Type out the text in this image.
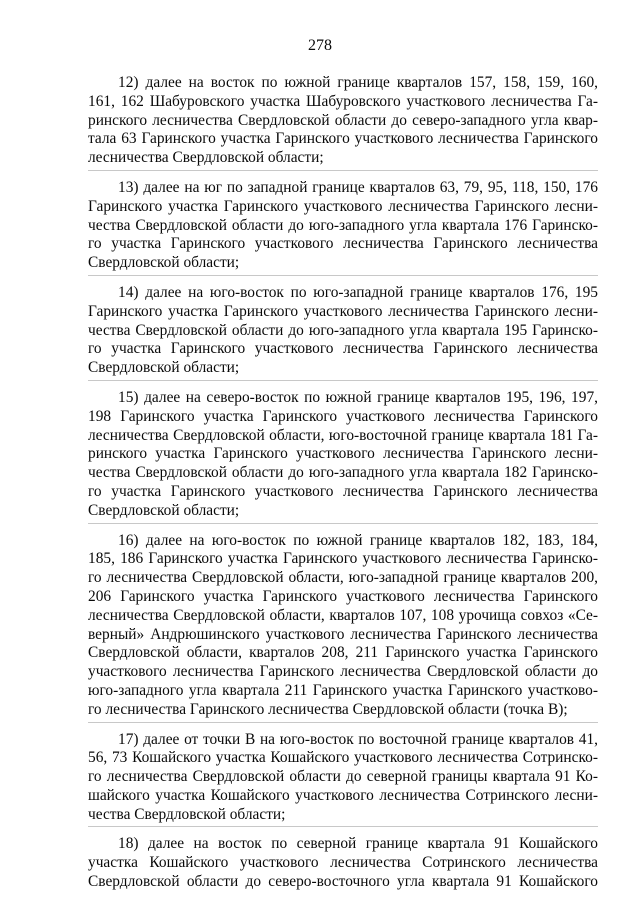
278
12) далее на восток по южной границе кварталов 157, 158, 159, 160,
161, 162 Шабуровского участка Шабуровского участкового лесничества Га-
ринского лесничества Свердловской области до северо-западного угла квар-
тала 63 Гаринского участка Гаринского участкового лесничества Гаринского
лесничества Свердловской области;
13) далее на юг по западной границе кварталов 63, 79, 95, 118, 150, 176
Гаринского участка Гаринского участкового лесничества Гаринского лесни-
чества Свердловской области до юго-западного угла квартала 176 Гаринско-
го участка Гаринского участкового лесничества Гаринского лесничества
Свердловской области;
14) далее на юго-восток по юго-западной границе кварталов 176, 195
Гаринского участка Гаринского участкового лесничества Гаринского лесни-
чества Свердловской области до юго-западного угла квартала 195 Гаринско-
го участка Гаринского участкового лесничества Гаринского лесничества
Свердловской области;
15) далее на северо-восток по южной границе кварталов 195, 196, 197,
198 Гаринского участка Гаринского участкового лесничества Гаринского
лесничества Свердловской области, юго-восточной границе квартала 181 Га-
ринского участка Гаринского участкового лесничества Гаринского лесни-
чества Свердловской области до юго-западного угла квартала 182 Гаринско-
го участка Гаринского участкового лесничества Гаринского лесничества
Свердловской области;
16) далее на юго-восток по южной границе кварталов 182, 183, 184,
185, 186 Гаринского участка Гаринского участкового лесничества Гаринско-
го лесничества Свердловской области, юго-западной границе кварталов 200,
206 Гаринского участка Гаринского участкового лесничества Гаринского
лесничества Свердловской области, кварталов 107, 108 урочища совхоз «Се-
верный» Андрюшинского участкового лесничества Гаринского лесничества
Свердловской области, кварталов 208, 211 Гаринского участка Гаринского
участкового лесничества Гаринского лесничества Свердловской области до
юго-западного угла квартала 211 Гаринского участка Гаринского участково-
го лесничества Гаринского лесничества Свердловской области (точка В);
17) далее от точки В на юго-восток по восточной границе кварталов 41,
56, 73 Кошайского участка Кошайского участкового лесничества Сотринско-
го лесничества Свердловской области до северной границы квартала 91 Ко-
шайского участка Кошайского участкового лесничества Сотринского лесни-
чества Свердловской области;
18) далее на восток по северной границе квартала 91 Кошайского
участка Кошайского участкового лесничества Сотринского лесничества
Свердловской области до северо-восточного угла квартала 91 Кошайского
